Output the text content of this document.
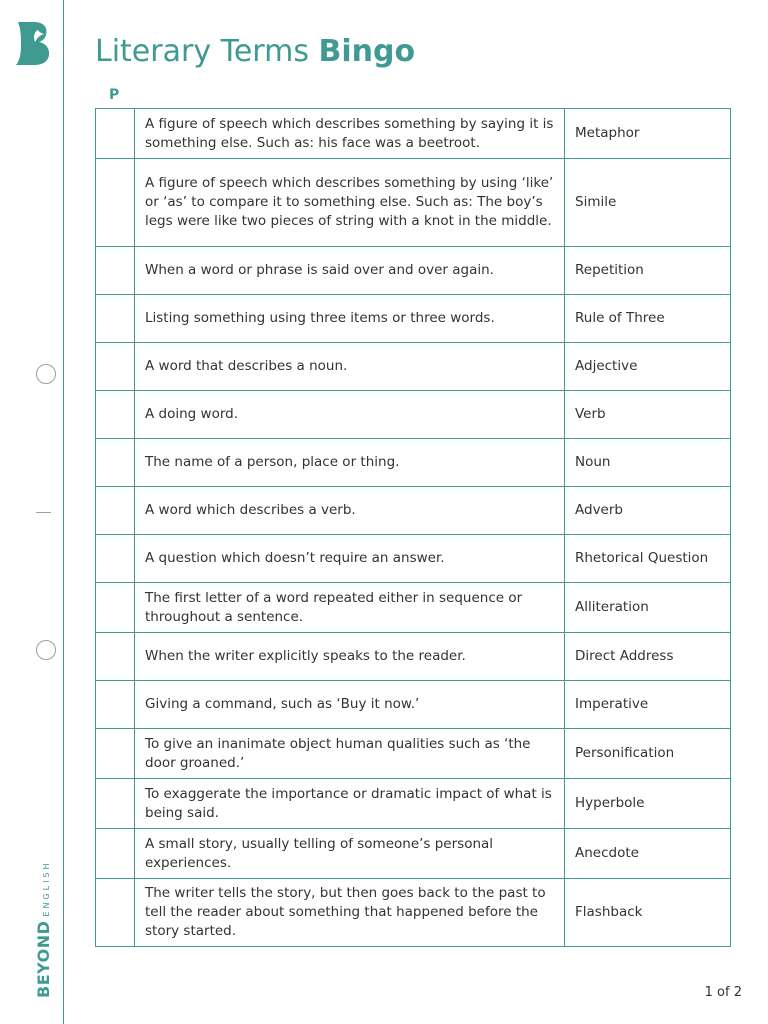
BEYONDENGLISH
Literary Terms Bingo
P
	A figure of speech which describes something by saying it is something else. Such as: his face was a beetroot.	Metaphor
	A figure of speech which describes something by using ‘like’ or ‘as’ to compare it to something else. Such as: The boy’s legs were like two pieces of string with a knot in the middle.	Simile
	When a word or phrase is said over and over again.	Repetition
	Listing something using three items or three words.	Rule of Three
	A word that describes a noun.	Adjective
	A doing word.	Verb
	The name of a person, place or thing.	Noun
	A word which describes a verb.	Adverb
	A question which doesn’t require an answer.	Rhetorical Question
	The first letter of a word repeated either in sequence or throughout a sentence.	Alliteration
	When the writer explicitly speaks to the reader.	Direct Address
	Giving a command, such as ‘Buy it now.’	Imperative
	To give an inanimate object human qualities such as ‘the door groaned.’	Personification
	To exaggerate the importance or dramatic impact of what is being said.	Hyperbole
	A small story, usually telling of someone’s personal experiences.	Anecdote
	The writer tells the story, but then goes back to the past to tell the reader about something that happened before the story started.	Flashback
1 of 2
